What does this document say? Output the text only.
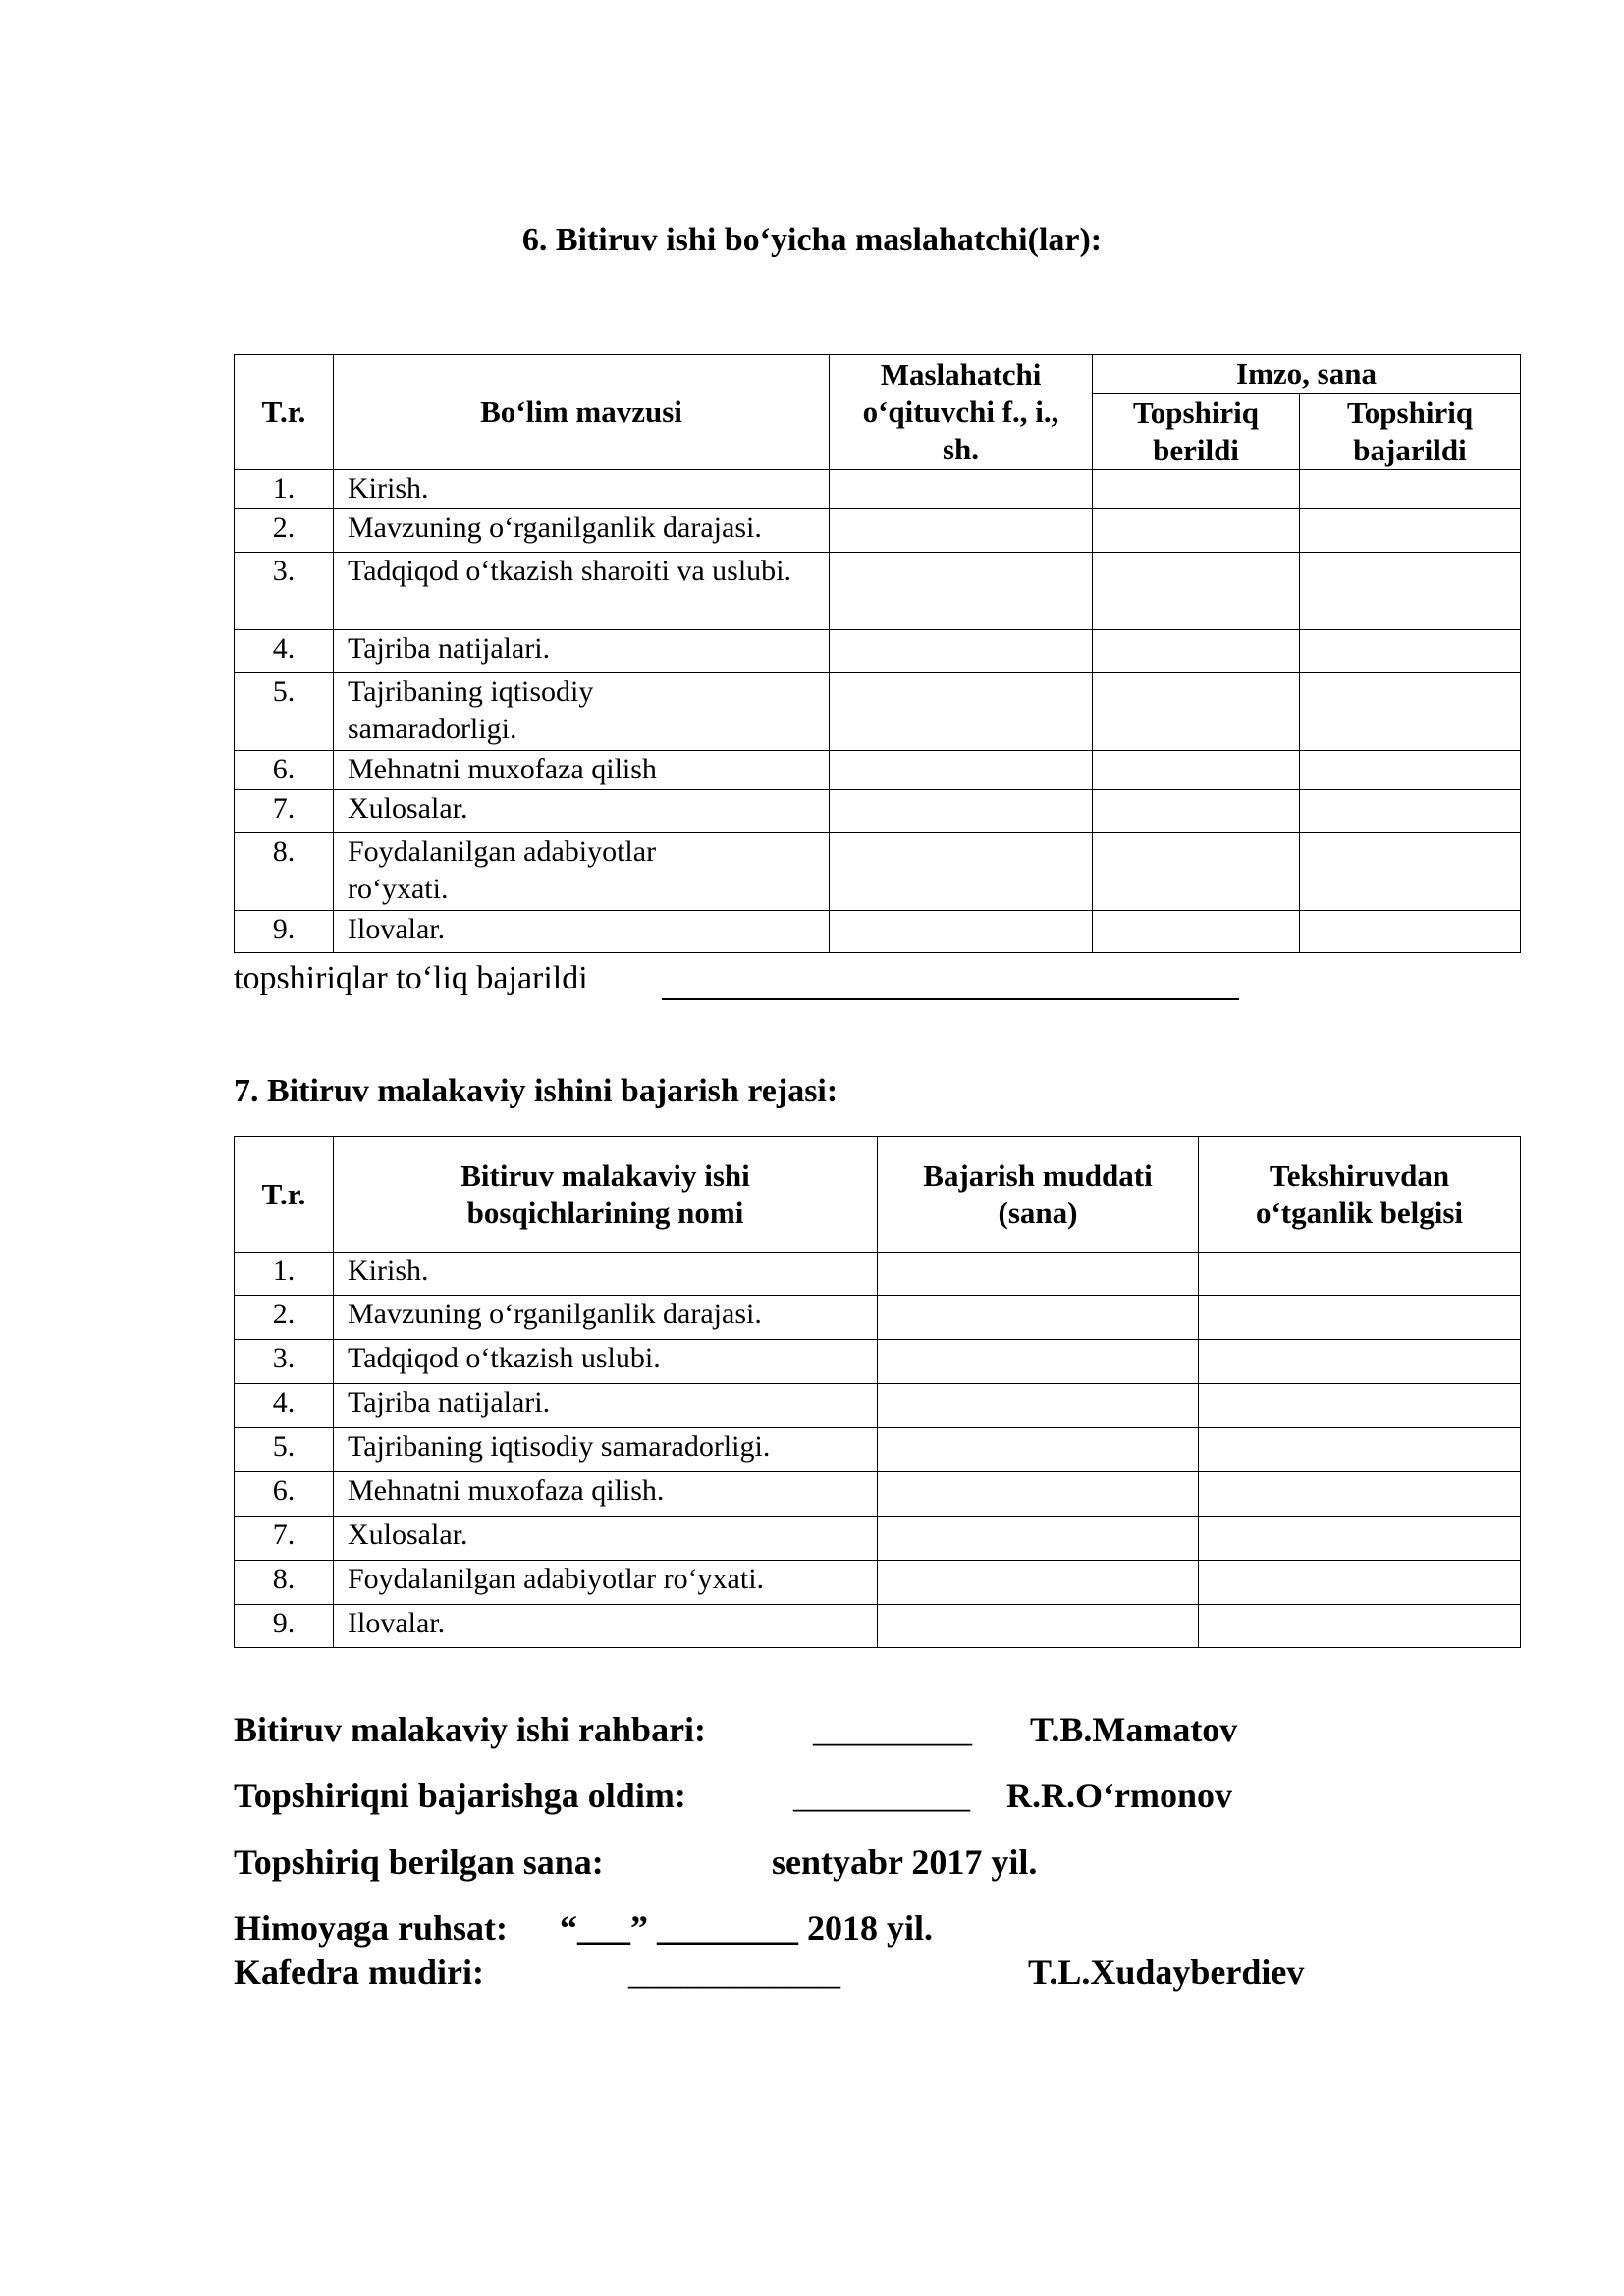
6. Bitiruv ishi bo‘yicha maslahatchi(lar):
T.r.	Bo‘lim mavzusi	Maslahatchi o‘qituvchi f., i., sh.	Imzo, sana	
			Topshiriq berildi	Topshiriq bajarildi
1.	Kirish.			
2.	Mavzuning o‘rganilganlik darajasi.			
3.	Tadqiqod o‘tkazish sharoiti va uslubi.			
4.	Tajriba natijalari.			
5.	Tajribaning iqtisodiy samaradorligi.			
6.	Mehnatni muxofaza qilish			
7.	Xulosalar.			
8.	Foydalanilgan adabiyotlar ro‘yxati.			
9.	Ilovalar.			
topshiriqlar to‘liq bajarildi
7. Bitiruv malakaviy ishini bajarish rejasi:
T.r.	Bitiruv malakaviy ishi bosqichlarining nomi	Bajarish muddati (sana)	Tekshiruvdan o‘tganlik belgisi
1.	Kirish.		
2.	Mavzuning o‘rganilganlik darajasi.		
3.	Tadqiqod o‘tkazish uslubi.		
4.	Tajriba natijalari.		
5.	Tajribaning iqtisodiy samaradorligi.		
6.	Mehnatni muxofaza qilish.		
7.	Xulosalar.		
8.	Foydalanilgan adabiyotlar ro‘yxati.		
9.	Ilovalar.		
Bitiruv malakaviy ishi rahbari:	_________ T.B.Mamatov
Topshiriqni bajarishga oldim:	__________ R.R.O‘rmonov
Topshiriq berilgan sana:	sentyabr 2017 yil.
Himoyaga ruhsat: “___” ________ 2018 yil.
Kafedra mudiri:	____________	T.L.Xudayberdiev
